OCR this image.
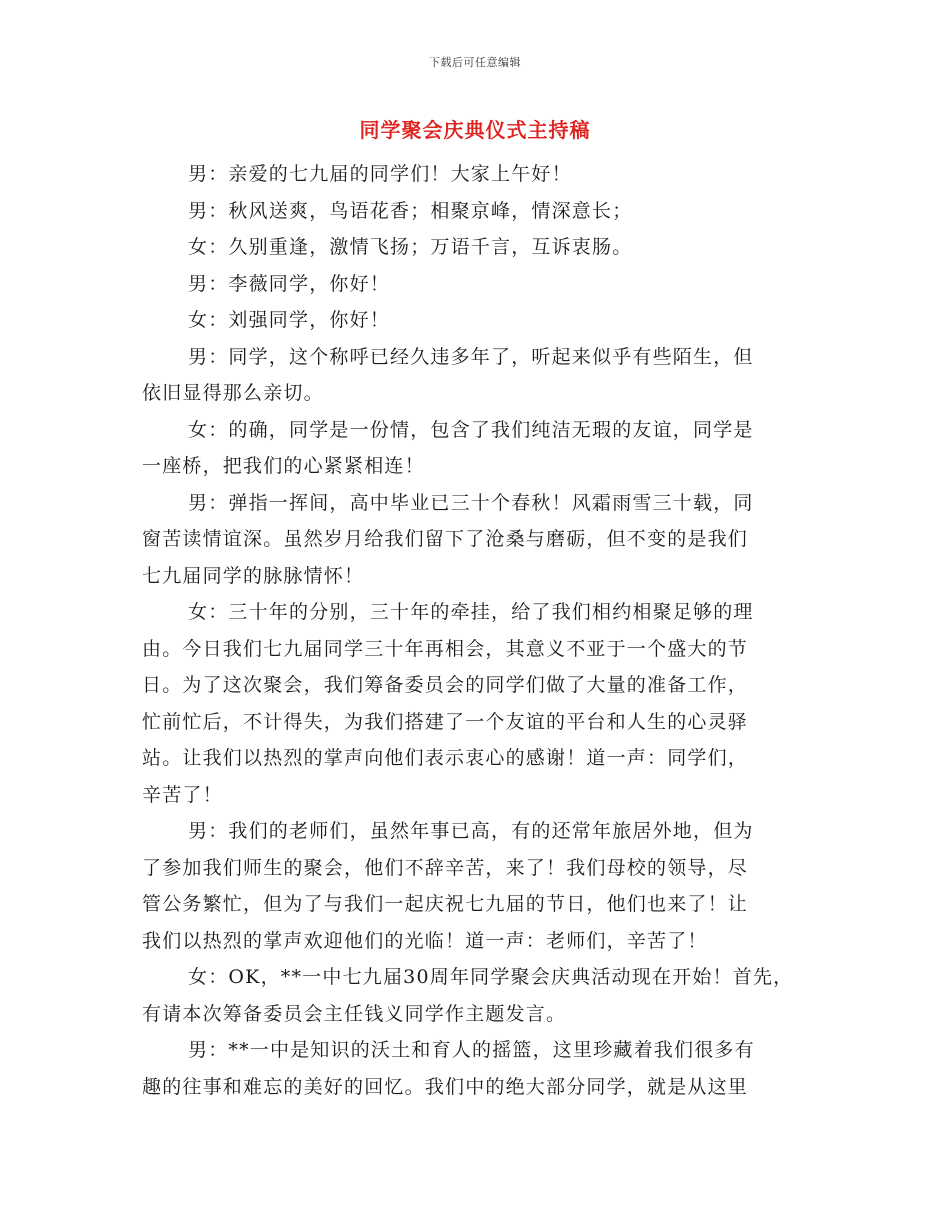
下载后可任意编辑
同学聚会庆典仪式主持稿
男：亲爱的七九届的同学们！大家上午好！
男：秋风送爽，鸟语花香；相聚京峰，情深意长；
女：久别重逢，激情飞扬；万语千言，互诉衷肠。
男：李薇同学，你好！
女：刘强同学，你好！
男：同学，这个称呼已经久违多年了，听起来似乎有些陌生，但
依旧显得那么亲切。
女：的确，同学是一份情，包含了我们纯洁无瑕的友谊，同学是
一座桥，把我们的心紧紧相连！
男：弹指一挥间，高中毕业已三十个春秋！风霜雨雪三十载，同
窗苦读情谊深。虽然岁月给我们留下了沧桑与磨砺，但不变的是我们
七九届同学的脉脉情怀！
女：三十年的分别，三十年的牵挂，给了我们相约相聚足够的理
由。今日我们七九届同学三十年再相会，其意义不亚于一个盛大的节
日。为了这次聚会，我们筹备委员会的同学们做了大量的准备工作，
忙前忙后，不计得失，为我们搭建了一个友谊的平台和人生的心灵驿
站。让我们以热烈的掌声向他们表示衷心的感谢！道一声：同学们，
辛苦了！
男：我们的老师们，虽然年事已高，有的还常年旅居外地，但为
了参加我们师生的聚会，他们不辞辛苦，来了！我们母校的领导，尽
管公务繁忙，但为了与我们一起庆祝七九届的节日，他们也来了！让
我们以热烈的掌声欢迎他们的光临！道一声：老师们，辛苦了！
女：OK，**一中七九届30周年同学聚会庆典活动现在开始！首先，
有请本次筹备委员会主任钱义同学作主题发言。
男：**一中是知识的沃土和育人的摇篮，这里珍藏着我们很多有
趣的往事和难忘的美好的回忆。我们中的绝大部分同学，就是从这里
